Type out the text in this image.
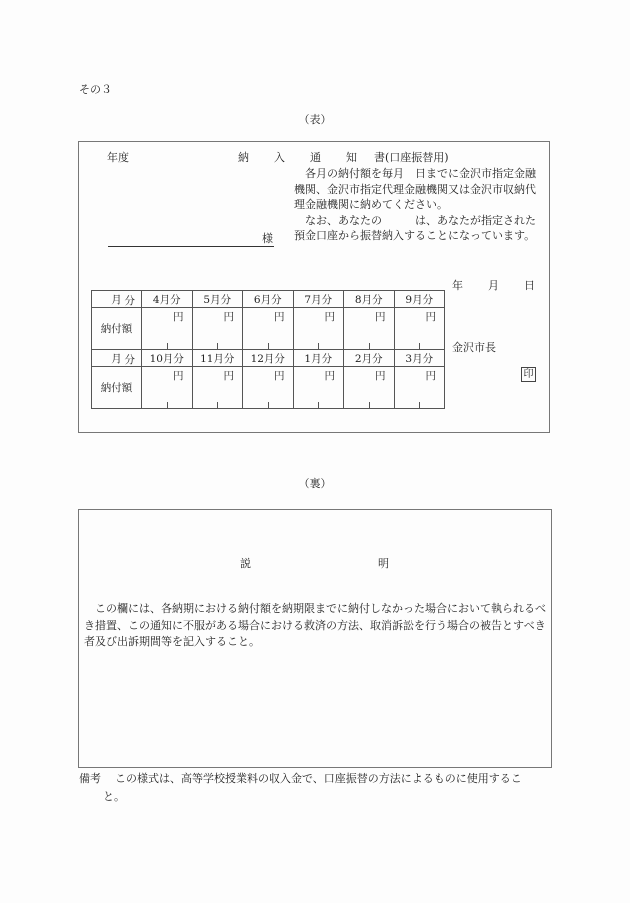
その３
（表）
年度	納 入 通 知 書(口座振替用)

各月の納付額を毎月　日までに金沢市指定金融機関、金沢市指定代理金融機関又は金沢市収納代理金融機関に納めてください。

なお、あなたの　　　は、あなたが指定された預金口座から振替納入することになっています。

様
年 月 日
金沢市長
印
月 分	4月分	5月分	6月分	7月分	8月分	9月分
納付額	円	円	円	円	円	円

月 分	10月分	11月分	12月分	1月分	2月分	3月分
納付額	円	円	円	円	円	円
（裏）
説	明

この欄には、各納期における納付額を納期限までに納付しなかった場合において執られるべき措置、この通知に不服がある場合における救済の方法、取消訴訟を行う場合の被告とすべき者及び出訴期間等を記入すること。

備考 この様式は、高等学校授業料の収入金で、口座振替の方法によるものに使用するこ
と。
